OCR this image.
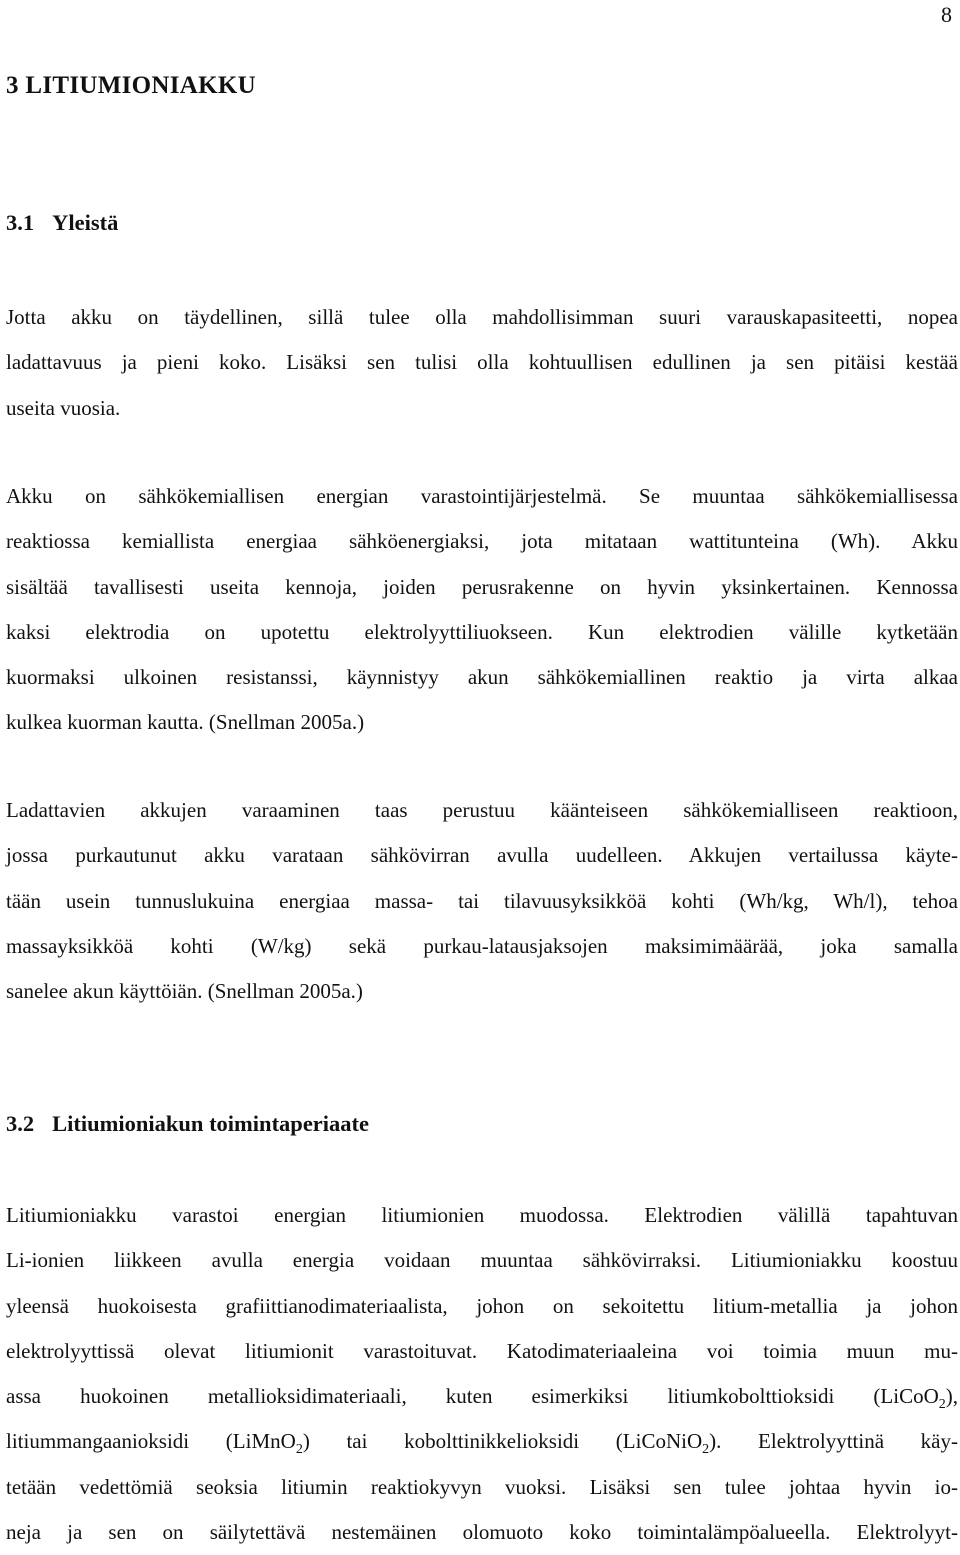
8
3 LITIUMIONIAKKU
3.1 Yleistä
Jotta akku on täydellinen, sillä tulee olla mahdollisimman suuri varauskapasiteetti, nopea
ladattavuus ja pieni koko. Lisäksi sen tulisi olla kohtuullisen edullinen ja sen pitäisi kestää
useita vuosia.
Akku on sähkökemiallisen energian varastointijärjestelmä. Se muuntaa sähkökemiallisessa
reaktiossa kemiallista energiaa sähköenergiaksi, jota mitataan wattitunteina (Wh). Akku
sisältää tavallisesti useita kennoja, joiden perusrakenne on hyvin yksinkertainen. Kennossa
kaksi elektrodia on upotettu elektrolyyttiliuokseen. Kun elektrodien välille kytketään
kuormaksi ulkoinen resistanssi, käynnistyy akun sähkökemiallinen reaktio ja virta alkaa
kulkea kuorman kautta. (Snellman 2005a.)
Ladattavien akkujen varaaminen taas perustuu käänteiseen sähkökemialliseen reaktioon,
jossa purkautunut akku varataan sähkövirran avulla uudelleen. Akkujen vertailussa käyte-
tään usein tunnuslukuina energiaa massa- tai tilavuusyksikköä kohti (Wh/kg, Wh/l), tehoa
massayksikköä kohti (W/kg) sekä purkau-latausjaksojen maksimimäärää, joka samalla
sanelee akun käyttöiän. (Snellman 2005a.)
3.2 Litiumioniakun toimintaperiaate
Litiumioniakku varastoi energian litiumionien muodossa. Elektrodien välillä tapahtuvan
Li-ionien liikkeen avulla energia voidaan muuntaa sähkövirraksi. Litiumioniakku koostuu
yleensä huokoisesta grafiittianodimateriaalista, johon on sekoitettu litium-metallia ja johon
elektrolyyttissä olevat litiumionit varastoituvat. Katodimateriaaleina voi toimia muun mu-
assa huokoinen metallioksidimateriaali, kuten esimerkiksi litiumkobolttioksidi (LiCoO$_2$),
litiummangaanioksidi (LiMnO$_2$) tai kobolttinikkelioksidi (LiCoNiO$_2$). Elektrolyyttinä käy-
tetään vedettömiä seoksia litiumin reaktiokyvyn vuoksi. Lisäksi sen tulee johtaa hyvin io-
neja ja sen on säilytettävä nestemäinen olomuoto koko toimintalämpöalueella. Elektrolyyt-
